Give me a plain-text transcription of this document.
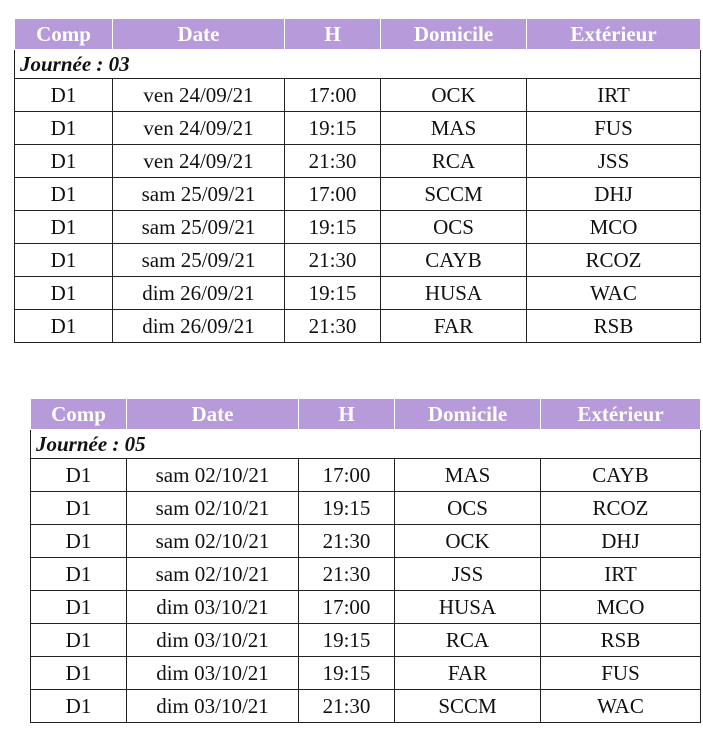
Comp	Date	H	Domicile	Extérieur
Journée : 03				
D1	ven 24/09/21	17:00	OCK	IRT
D1	ven 24/09/21	19:15	MAS	FUS
D1	ven 24/09/21	21:30	RCA	JSS
D1	sam 25/09/21	17:00	SCCM	DHJ
D1	sam 25/09/21	19:15	OCS	MCO
D1	sam 25/09/21	21:30	CAYB	RCOZ
D1	dim 26/09/21	19:15	HUSA	WAC
D1	dim 26/09/21	21:30	FAR	RSB
Comp	Date	H	Domicile	Extérieur
Journée : 05				
D1	sam 02/10/21	17:00	MAS	CAYB
D1	sam 02/10/21	19:15	OCS	RCOZ
D1	sam 02/10/21	21:30	OCK	DHJ
D1	sam 02/10/21	21:30	JSS	IRT
D1	dim 03/10/21	17:00	HUSA	MCO
D1	dim 03/10/21	19:15	RCA	RSB
D1	dim 03/10/21	19:15	FAR	FUS
D1	dim 03/10/21	21:30	SCCM	WAC
